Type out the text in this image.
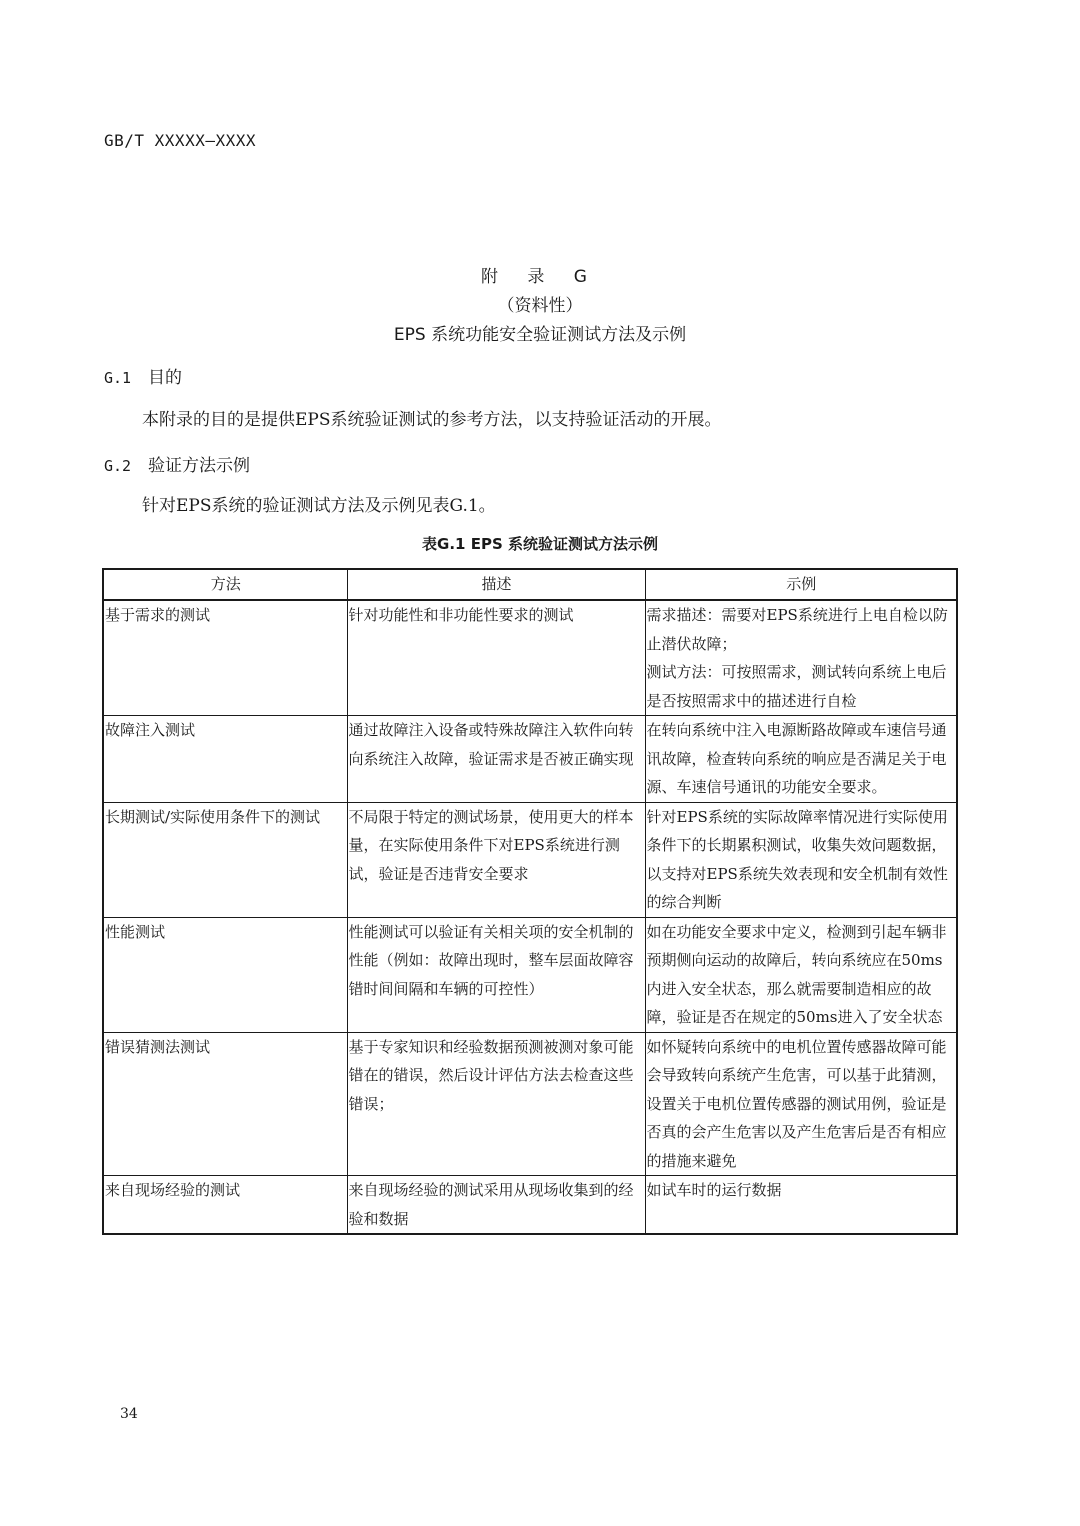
GB/T XXXXX—XXXX
附 录 G
（资料性）
EPS 系统功能安全验证测试方法及示例
G.1 目的
本附录的目的是提供EPS系统验证测试的参考方法，以支持验证活动的开展。
G.2 验证方法示例
针对EPS系统的验证测试方法及示例见表G.1。
表G.1 EPS 系统验证测试方法示例
方法	描述	示例
基于需求的测试	针对功能性和非功能性要求的测试	需求描述：需要对EPS系统进行上电自检以防止潜伏故障；
测试方法：可按照需求，测试转向系统上电后是否按照需求中的描述进行自检
故障注入测试	通过故障注入设备或特殊故障注入软件向转向系统注入故障，验证需求是否被正确实现	在转向系统中注入电源断路故障或车速信号通讯故障，检查转向系统的响应是否满足关于电源、车速信号通讯的功能安全要求。
长期测试/实际使用条件下的测试	不局限于特定的测试场景，使用更大的样本量，在实际使用条件下对EPS系统进行测试，验证是否违背安全要求	针对EPS系统的实际故障率情况进行实际使用条件下的长期累积测试，收集失效问题数据，以支持对EPS系统失效表现和安全机制有效性的综合判断
性能测试	性能测试可以验证有关相关项的安全机制的性能（例如：故障出现时，整车层面故障容错时间间隔和车辆的可控性）	如在功能安全要求中定义，检测到引起车辆非预期侧向运动的故障后，转向系统应在50ms内进入安全状态，那么就需要制造相应的故障，验证是否在规定的50ms进入了安全状态
错误猜测法测试	基于专家知识和经验数据预测被测对象可能错在的错误，然后设计评估方法去检查这些错误；	如怀疑转向系统中的电机位置传感器故障可能会导致转向系统产生危害，可以基于此猜测，设置关于电机位置传感器的测试用例，验证是否真的会产生危害以及产生危害后是否有相应的措施来避免
来自现场经验的测试	来自现场经验的测试采用从现场收集到的经验和数据	如试车时的运行数据
34
